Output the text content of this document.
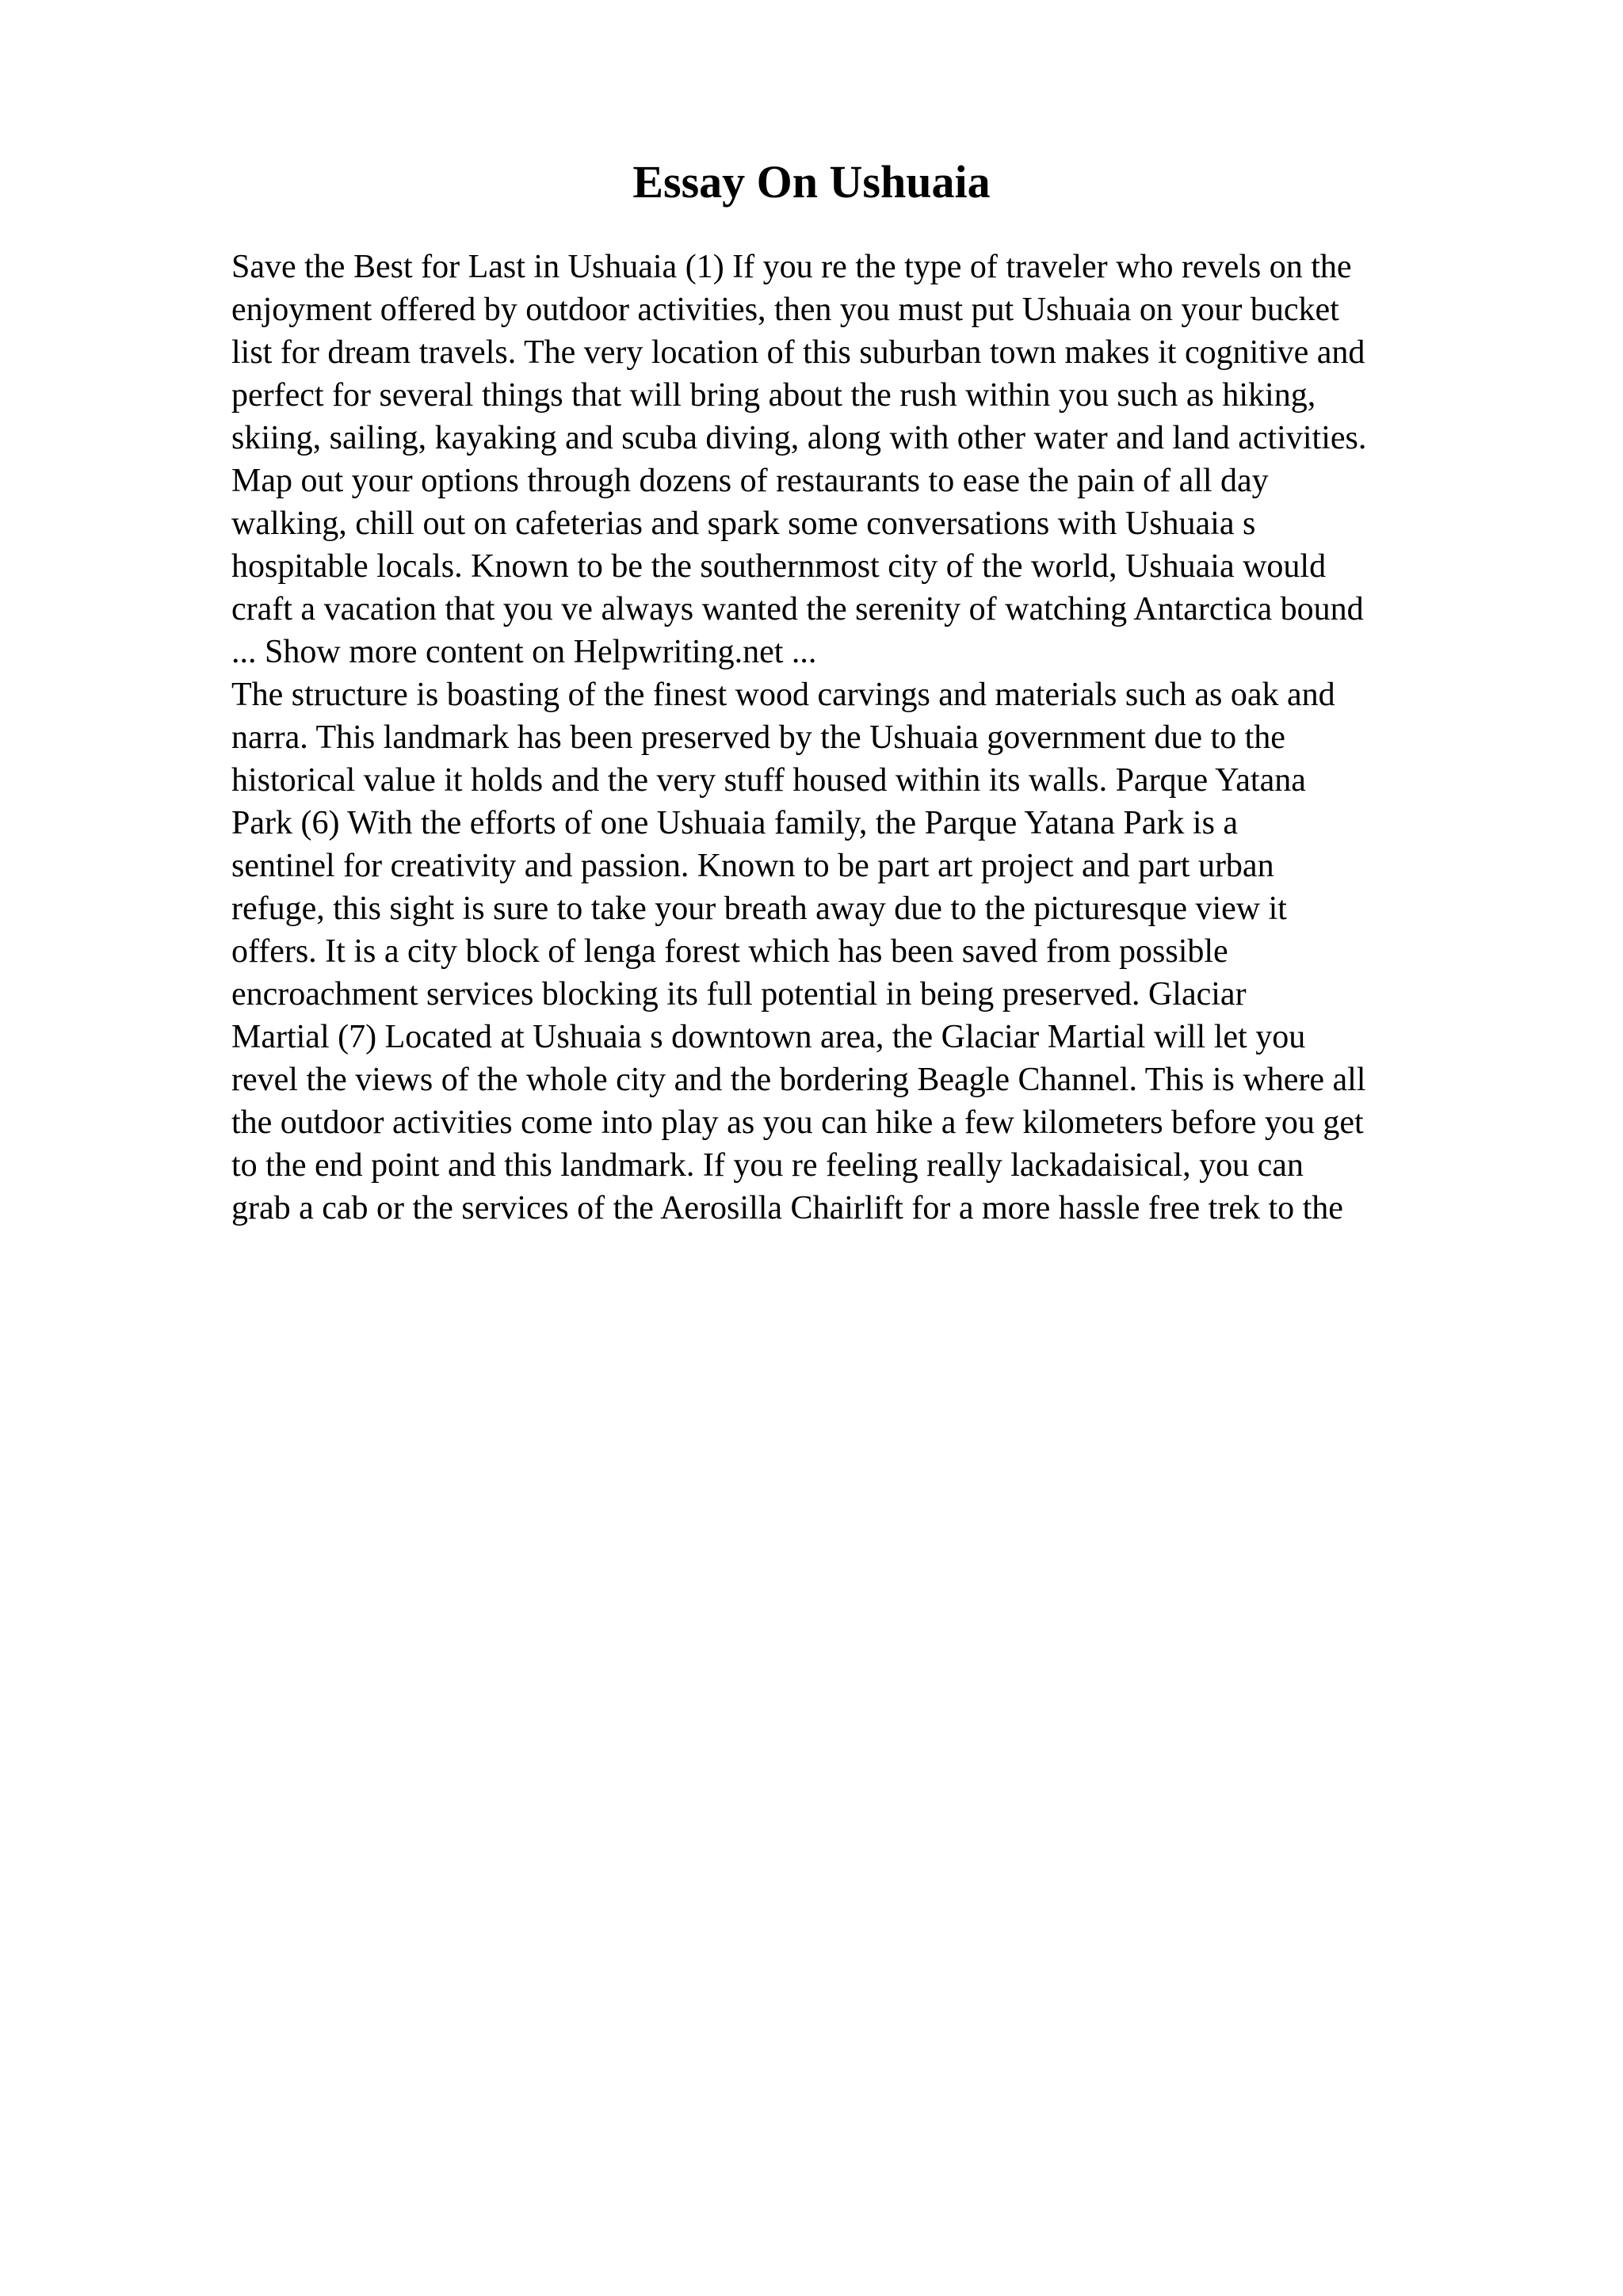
Essay On Ushuaia
Save the Best for Last in Ushuaia (1) If you re the type of traveler who revels on the
enjoyment offered by outdoor activities, then you must put Ushuaia on your bucket
list for dream travels. The very location of this suburban town makes it cognitive and
perfect for several things that will bring about the rush within you such as hiking,
skiing, sailing, kayaking and scuba diving, along with other water and land activities.
Map out your options through dozens of restaurants to ease the pain of all day
walking, chill out on cafeterias and spark some conversations with Ushuaia s
hospitable locals. Known to be the southernmost city of the world, Ushuaia would
craft a vacation that you ve always wanted the serenity of watching Antarctica bound
... Show more content on Helpwriting.net ...
The structure is boasting of the finest wood carvings and materials such as oak and
narra. This landmark has been preserved by the Ushuaia government due to the
historical value it holds and the very stuff housed within its walls. Parque Yatana
Park (6) With the efforts of one Ushuaia family, the Parque Yatana Park is a
sentinel for creativity and passion. Known to be part art project and part urban
refuge, this sight is sure to take your breath away due to the picturesque view it
offers. It is a city block of lenga forest which has been saved from possible
encroachment services blocking its full potential in being preserved. Glaciar
Martial (7) Located at Ushuaia s downtown area, the Glaciar Martial will let you
revel the views of the whole city and the bordering Beagle Channel. This is where all
the outdoor activities come into play as you can hike a few kilometers before you get
to the end point and this landmark. If you re feeling really lackadaisical, you can
grab a cab or the services of the Aerosilla Chairlift for a more hassle free trek to the
